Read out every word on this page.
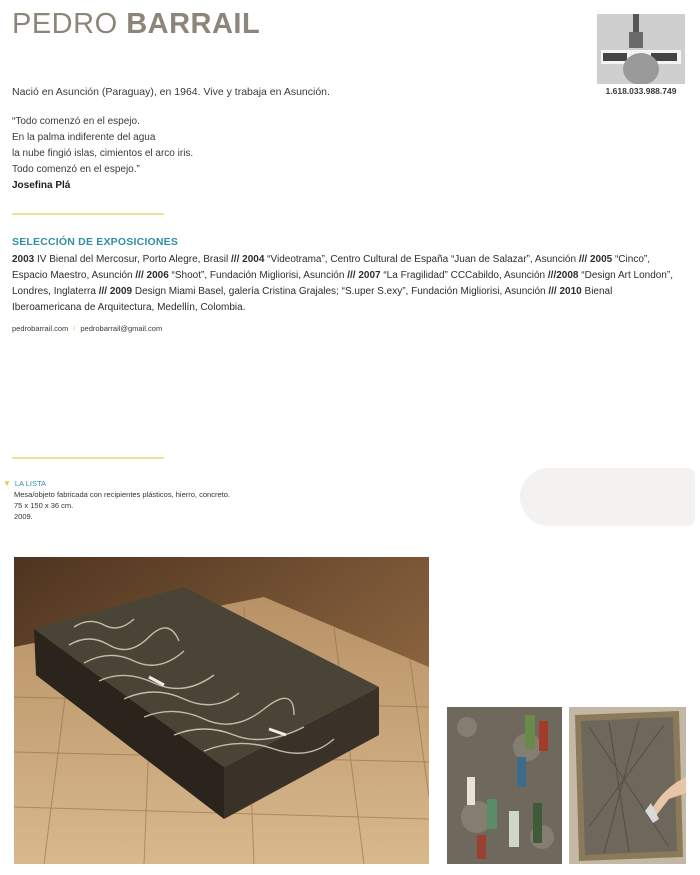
PEDRO BARRAIL
1.618.033.988.749
Nació en Asunción (Paraguay), en 1964. Vive y trabaja en Asunción.
“Todo comenzó en el espejo.
En la palma indiferente del agua
la nube fingió islas, cimientos el arco iris.
Todo comenzó en el espejo.”
Josefina Plá
SELECCIÓN DE EXPOSICIONES
2003 IV Bienal del Mercosur, Porto Alegre, Brasil /// 2004 “Videotrama”, Centro Cultural de España “Juan de Salazar”, Asunción /// 2005 “Cinco”, Espacio Maestro, Asunción /// 2006 “Shoot”, Fundación Migliorisi, Asunción /// 2007 “La Fragilidad” CCCabildo, Asunción ///2008 “Design Art London”, Londres, Inglaterra /// 2009 Design Miami Basel, galería Cristina Grajales; “S.uper S.exy”, Fundación Migliorisi, Asunción /// 2010 Bienal Iberoamericana de Arquitectura, Medellín, Colombia.
pedrobarrail.com / pedrobarrail@gmail.com
▼ LA LISTA
Mesa/objeto fabricada con recipientes plásticos, hierro, concreto.
75 x 150 x 36 cm.
2009.
